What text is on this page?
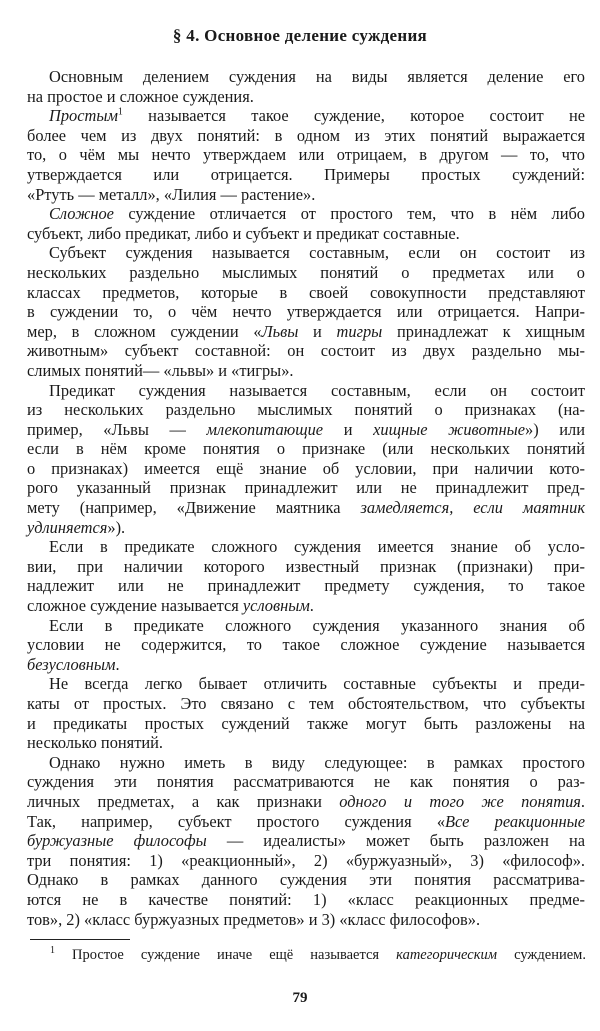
§ 4. Основное деление суждения
Основным делением суждения на виды является деление его
на простое и сложное суждения.
Простым$^1$ называется такое суждение, которое состоит не
более чем из двух понятий: в одном из этих понятий выражается
то, о чём мы нечто утверждаем или отрицаем, в другом — то, что
утверждается или отрицается. Примеры простых суждений:
«Ртуть — металл», «Лилия — растение».
Сложное суждение отличается от простого тем, что в нём либо
субъект, либо предикат, либо и субъект и предикат составные.
Субъект суждения называется составным, если он состоит из
нескольких раздельно мыслимых понятий о предметах или о
классах предметов, которые в своей совокупности представляют
в суждении то, о чём нечто утверждается или отрицается. Напри-
мер, в сложном суждении «Львы и тигры принадлежат к хищным
животным» субъект составной: он состоит из двух раздельно мы-
слимых понятий— «львы» и «тигры».
Предикат суждения называется составным, если он состоит
из нескольких раздельно мыслимых понятий о признаках (на-
пример, «Львы — млекопитающие и хищные животные») или
если в нём кроме понятия о признаке (или нескольких понятий
о признаках) имеется ещё знание об условии, при наличии кото-
рого указанный признак принадлежит или не принадлежит пред-
мету (например, «Движение маятника замедляется, если маятник
удлиняется»).
Если в предикате сложного суждения имеется знание об усло-
вии, при наличии которого известный признак (признаки) при-
надлежит или не принадлежит предмету суждения, то такое
сложное суждение называется условным.
Если в предикате сложного суждения указанного знания об
условии не содержится, то такое сложное суждение называется
безусловным.
Не всегда легко бывает отличить составные субъекты и преди-
каты от простых. Это связано с тем обстоятельством, что субъекты
и предикаты простых суждений также могут быть разложены на
несколько понятий.
Однако нужно иметь в виду следующее: в рамках простого
суждения эти понятия рассматриваются не как понятия о раз-
личных предметах, а как признаки одного и того же понятия.
Так, например, субъект простого суждения «Все реакционные
буржуазные философы — идеалисты» может быть разложен на
три понятия: 1) «реакционный», 2) «буржуазный», 3) «философ».
Однако в рамках данного суждения эти понятия рассматрива-
ются не в качестве понятий: 1) «класс реакционных предме-
тов», 2) «класс буржуазных предметов» и 3) «класс философов».
$^1$ Простое суждение иначе ещё называется категорическим суждением.
79
